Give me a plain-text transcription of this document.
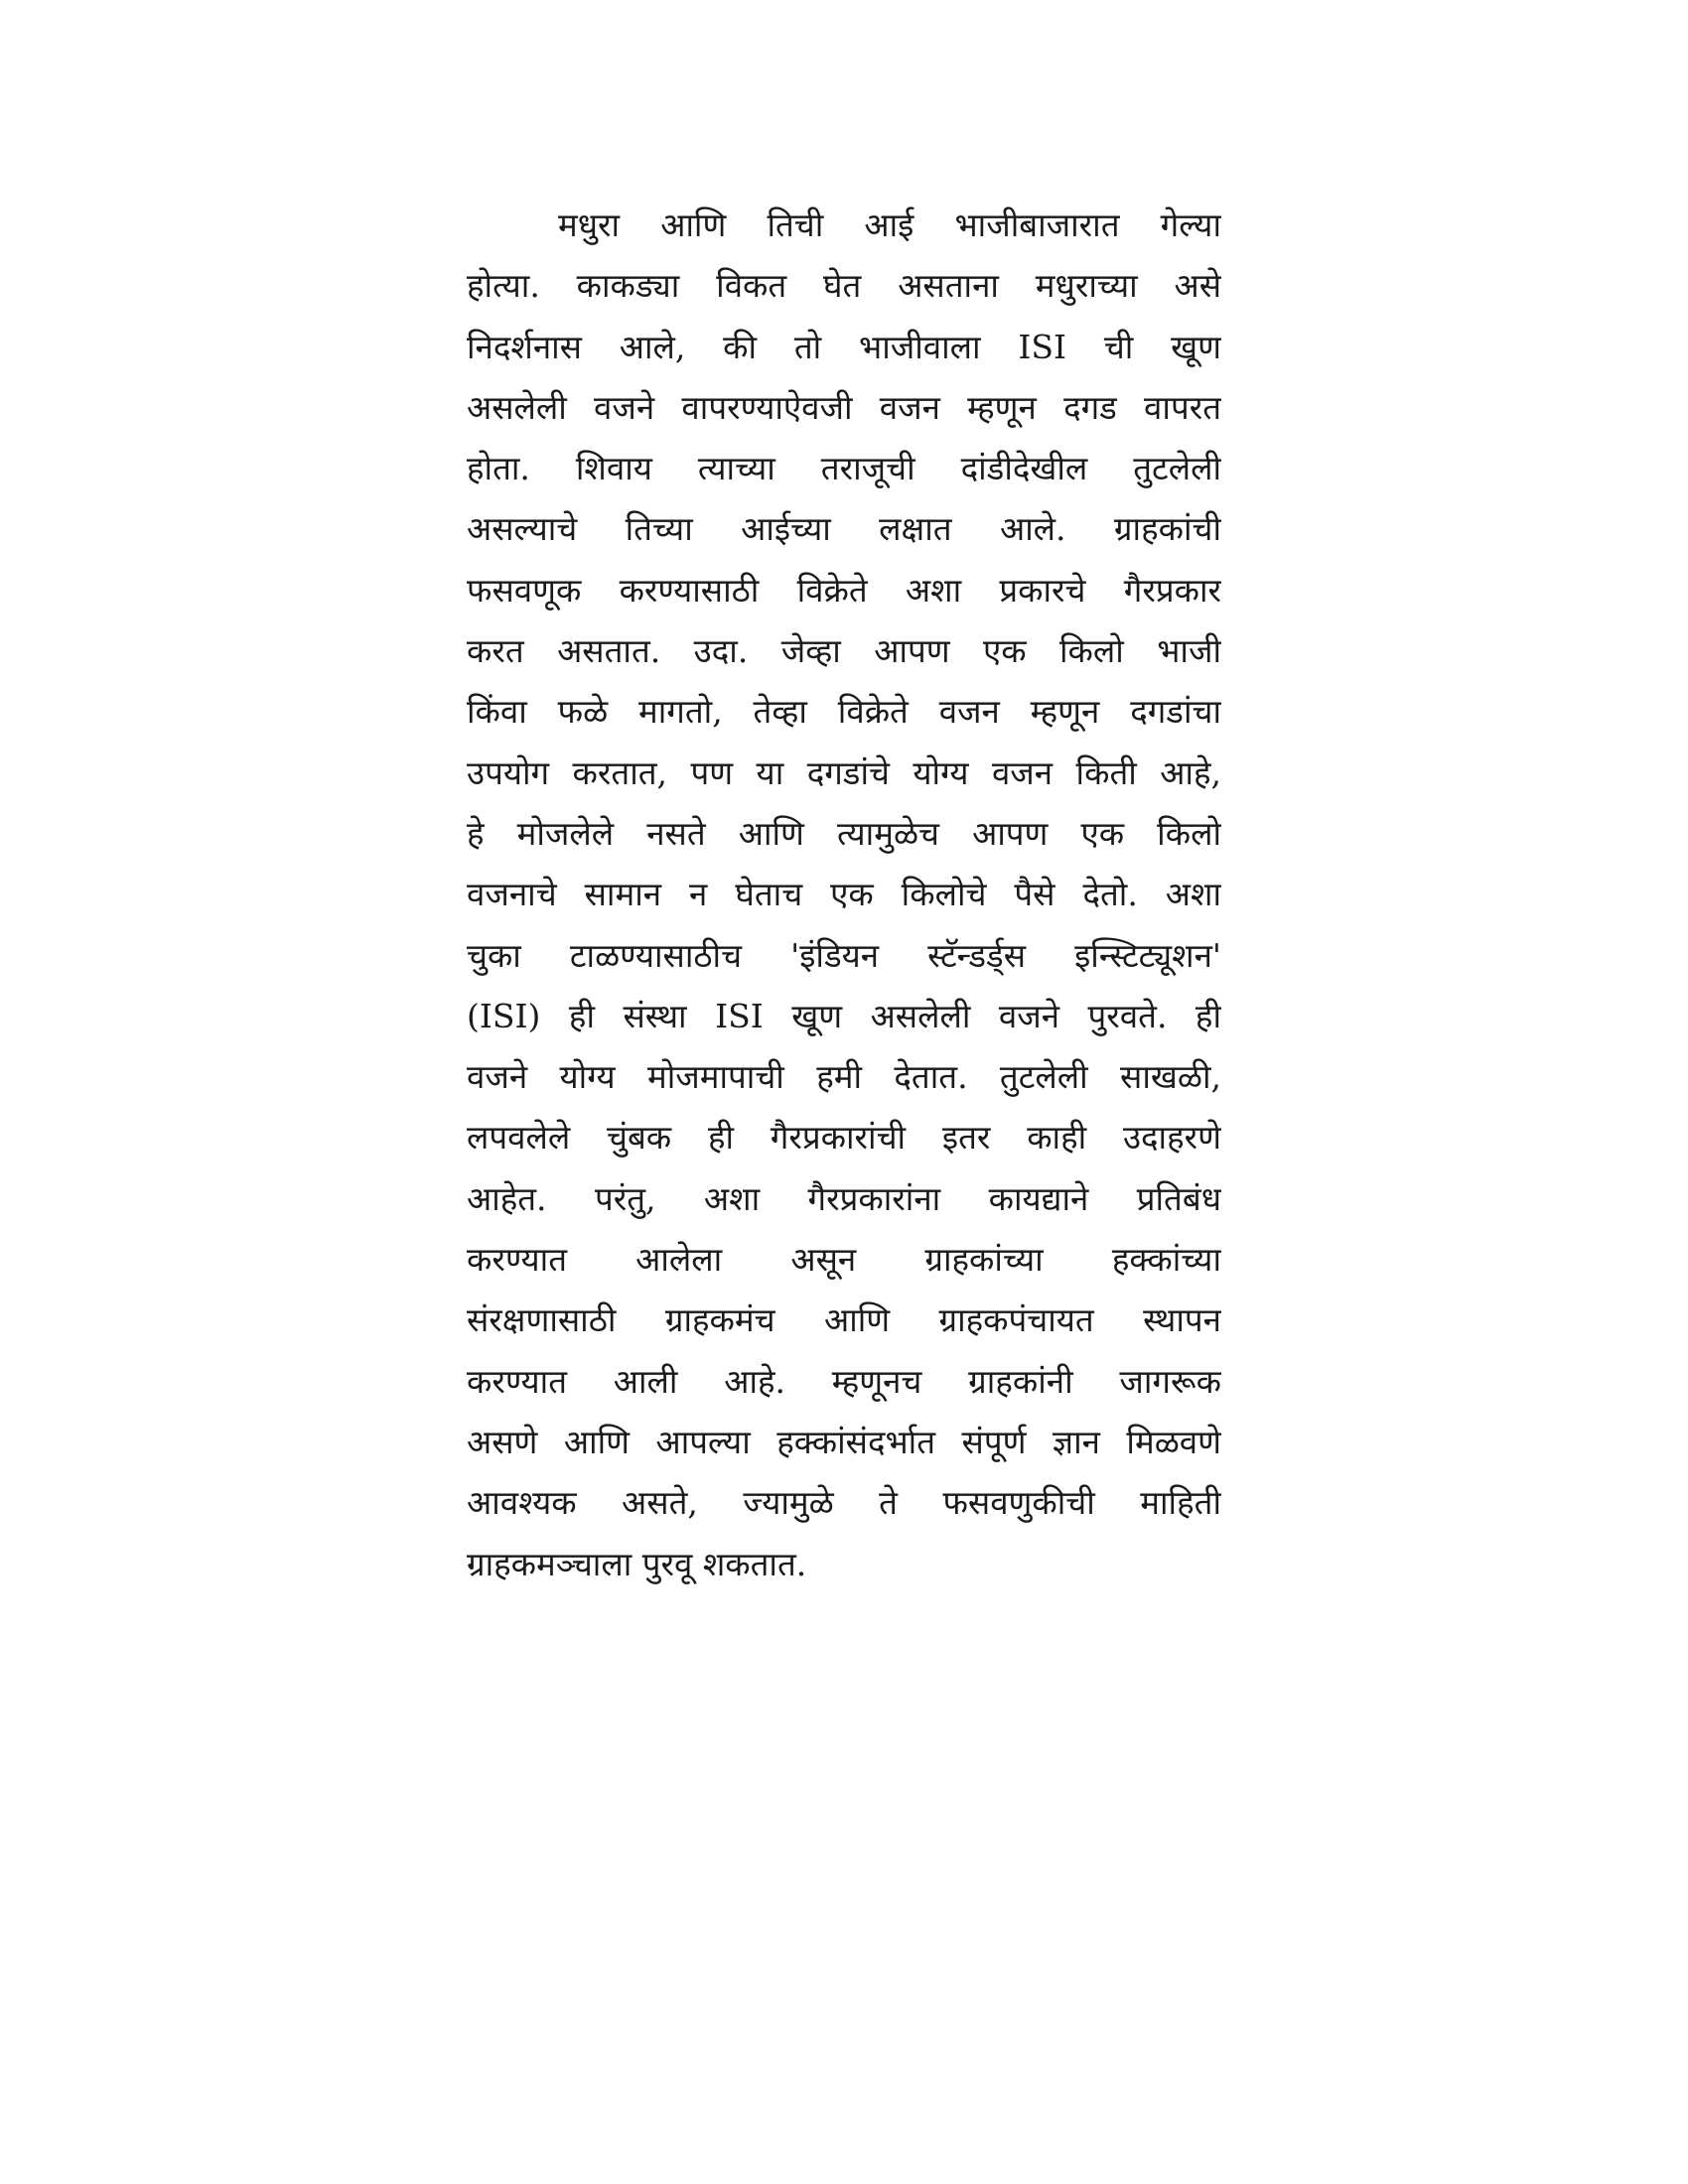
मधुरा आणि तिची आई भाजीबाजारात गेल्या
होत्या. काकड्या विकत घेत असताना मधुराच्या असे
निदर्शनास आले, की तो भाजीवाला ISI ची खूण
असलेली वजने वापरण्याऐवजी वजन म्हणून दगड वापरत
होता. शिवाय त्याच्या तराजूची दांडीदेखील तुटलेली
असल्याचे तिच्या आईच्या लक्षात आले. ग्राहकांची
फसवणूक करण्यासाठी विक्रेते अशा प्रकारचे गैरप्रकार
करत असतात. उदा. जेव्हा आपण एक किलो भाजी
किंवा फळे मागतो, तेव्हा विक्रेते वजन म्हणून दगडांचा
उपयोग करतात, पण या दगडांचे योग्य वजन किती आहे,
हे मोजलेले नसते आणि त्यामुळेच आपण एक किलो
वजनाचे सामान न घेताच एक किलोचे पैसे देतो. अशा
चुका टाळण्यासाठीच 'इंडियन स्टॅन्डर्ड्स इन्स्टिट्यूशन'
(ISI) ही संस्था ISI खूण असलेली वजने पुरवते. ही
वजने योग्य मोजमापाची हमी देतात. तुटलेली साखळी,
लपवलेले चुंबक ही गैरप्रकारांची इतर काही उदाहरणे
आहेत. परंतु, अशा गैरप्रकारांना कायद्याने प्रतिबंध
करण्यात आलेला असून ग्राहकांच्या हक्कांच्या
संरक्षणासाठी ग्राहकमंच आणि ग्राहकपंचायत स्थापन
करण्यात आली आहे. म्हणूनच ग्राहकांनी जागरूक
असणे आणि आपल्या हक्कांसंदर्भात संपूर्ण ज्ञान मिळवणे
आवश्यक असते, ज्यामुळे ते फसवणुकीची माहिती
ग्राहकमञ्चाला पुरवू शकतात.
